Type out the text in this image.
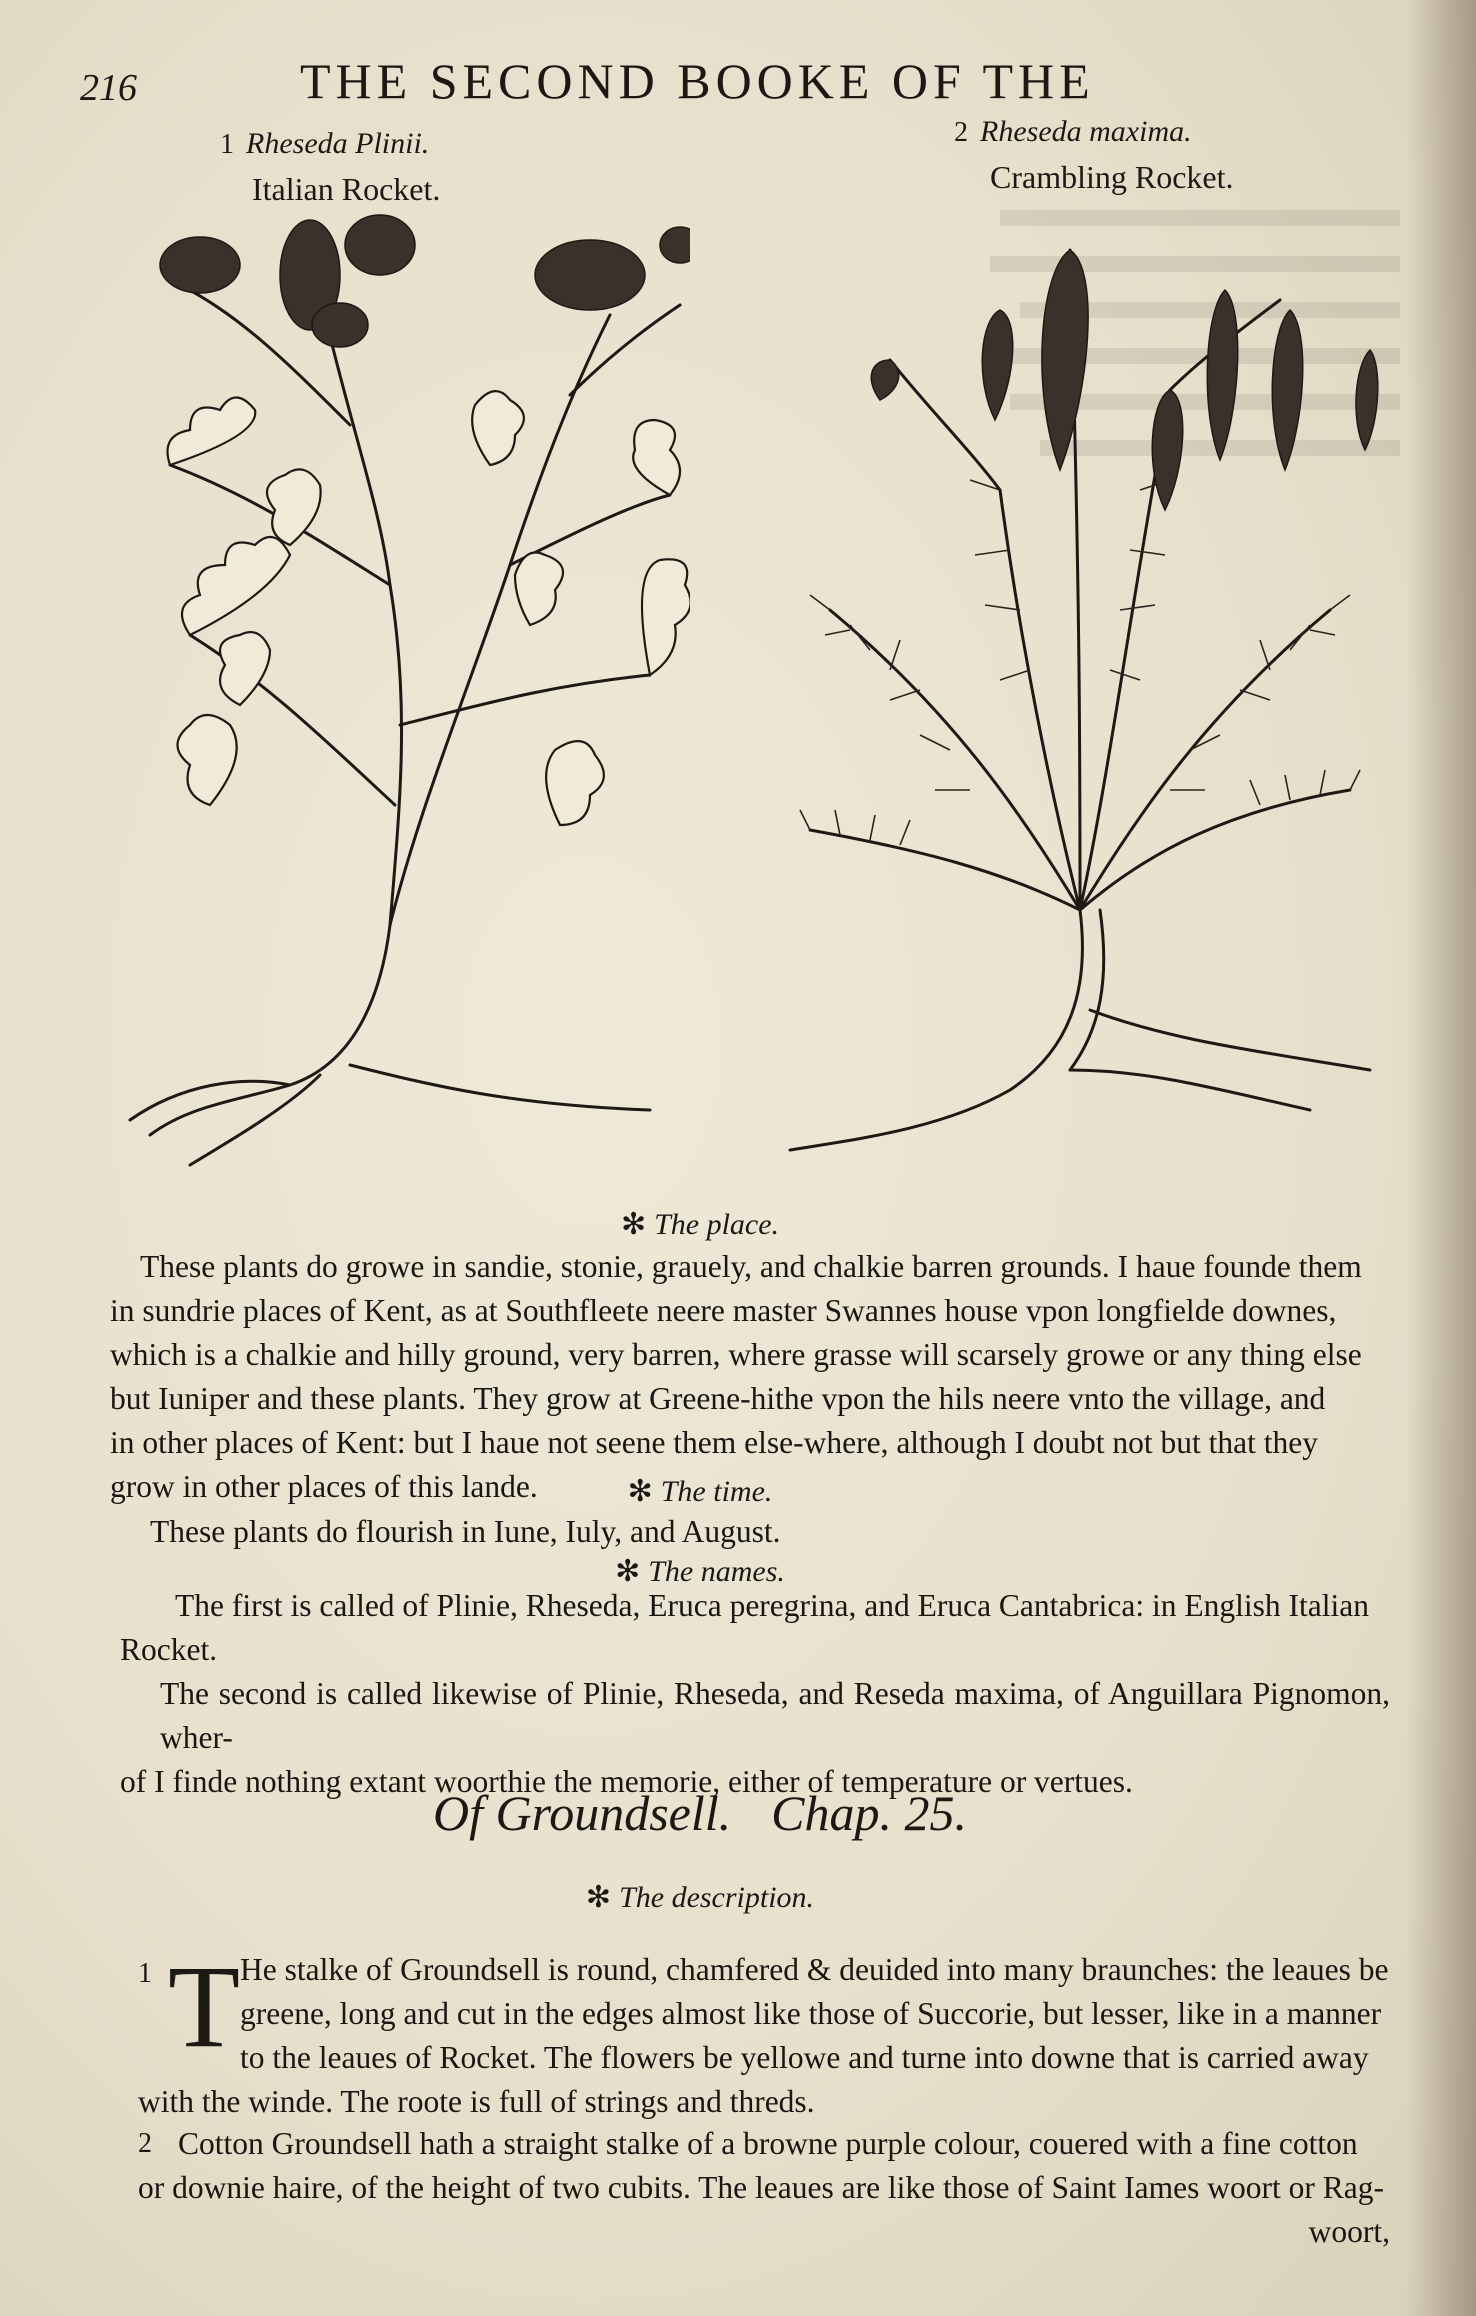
216	THE SECOND BOOKE OF THE
1 Rheseda Plinii.
Italian Rocket.
2 Rheseda maxima.
Crambling Rocket.
✻ The place.
These plants do growe in sandie, stonie, grauely, and chalkie barren grounds. I haue founde them
in sundrie places of Kent, as at Southfleete neere master Swannes house vpon longfielde downes,
which is a chalkie and hilly ground, very barren, where grasse will scarsely growe or any thing else
but Iuniper and these plants. They grow at Greene-hithe vpon the hils neere vnto the village, and
in other places of Kent: but I haue not seene them else-where, although I doubt not but that they
grow in other places of this lande.	✻ The time.
These plants do flourish in Iune, Iuly, and August.
✻ The names.
The first is called of Plinie, Rheseda, Eruca peregrina, and Eruca Cantabrica: in English Italian
Rocket.
The second is called likewise of Plinie, Rheseda, and Reseda maxima, of Anguillara Pignomon, wher-
of I finde nothing extant woorthie the memorie, either of temperature or vertues.
Of Groundsell. Chap. 25.
✻ The description.
1 T He stalke of Groundsell is round, chamfered & deuided into many braunches: the leaues be
greene, long and cut in the edges almost like those of Succorie, but lesser, like in a manner
to the leaues of Rocket. The flowers be yellowe and turne into downe that is carried away
with the winde. The roote is full of strings and threds.
2 Cotton Groundsell hath a straight stalke of a browne purple colour, couered with a fine cotton
or downie haire, of the height of two cubits. The leaues are like those of Saint Iames woort or Rag-
woort,
